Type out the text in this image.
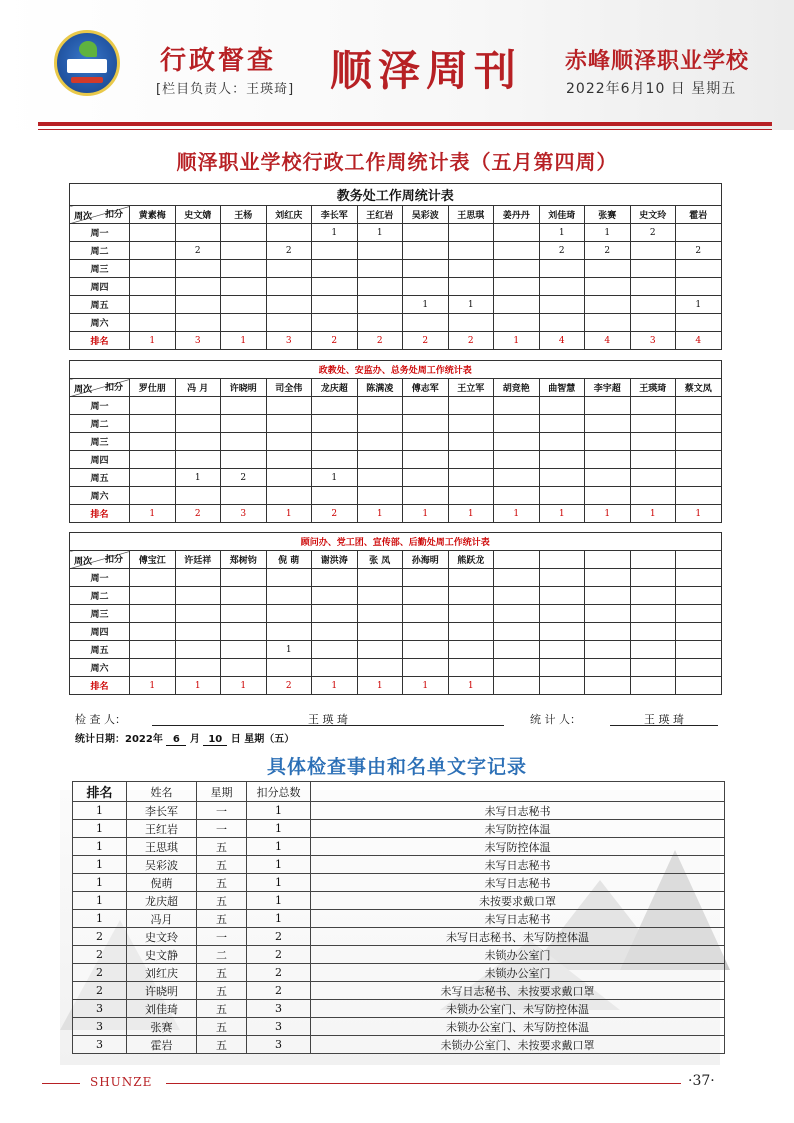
行政督查
[栏目负责人：王瑛琦] 顺泽周刊 赤峰顺泽职业学校
2022年6月10 日 星期五
顺泽职业学校行政工作周统计表（五月第四周）
教务处工作周统计表													

扣分
周次	黄素梅	史文婧	王杨	刘红庆	李长军	王红岩	吴彩波	王思琪	姜丹丹	刘佳琦	张赛	史文玲	霍岩
周一					1	1				1	1	2	
周二		2		2						2	2		2
周三													
周四													
周五							1	1					1
周六													
排名	1	3	1	3	2	2	2	2	1	4	4	3	4
政教处、安监办、总务处周工作统计表													

扣分
周次	罗仕朋	冯 月	许晓明	司全伟	龙庆超	陈满凌	傅志军	王立军	胡竞艳	曲智慧	李宇超	王瑛琦	蔡文凤
周一													
周二													
周三													
周四													
周五		1	2		1								
周六													
排名	1	2	3	1	2	1	1	1	1	1	1	1	1
顾问办、党工团、宣传部、后勤处周工作统计表													

扣分
周次	傅宝江	许廷祥	郑树钧	倪 萌	谢洪涛	张 凤	孙海明	熊跃龙					
周一													
周二													
周三													
周四													
周五				1									
周六													
排名	1	1	1	2	1	1	1	1					
检 查 人：	王 瑛 琦	统 计 人：	王 瑛 琦
统计日期：2022年 6 月 10 日 星期（五）
具体检查事由和名单文字记录
排名	姓名	星期	扣分总数	
1	李长军	一	1	未写日志秘书
1	王红岩	一	1	未写防控体温
1	王思琪	五	1	未写防控体温
1	吴彩波	五	1	未写日志秘书
1	倪萌	五	1	未写日志秘书
1	龙庆超	五	1	未按要求戴口罩
1	冯月	五	1	未写日志秘书
2	史文玲	一	2	未写日志秘书、未写防控体温
2	史文静	二	2	未锁办公室门
2	刘红庆	五	2	未锁办公室门
2	许晓明	五	2	未写日志秘书、未按要求戴口罩
3	刘佳琦	五	3	未锁办公室门、未写防控体温
3	张赛	五	3	未锁办公室门、未写防控体温
3	霍岩	五	3	未锁办公室门、未按要求戴口罩
SHUNZE	·37·
